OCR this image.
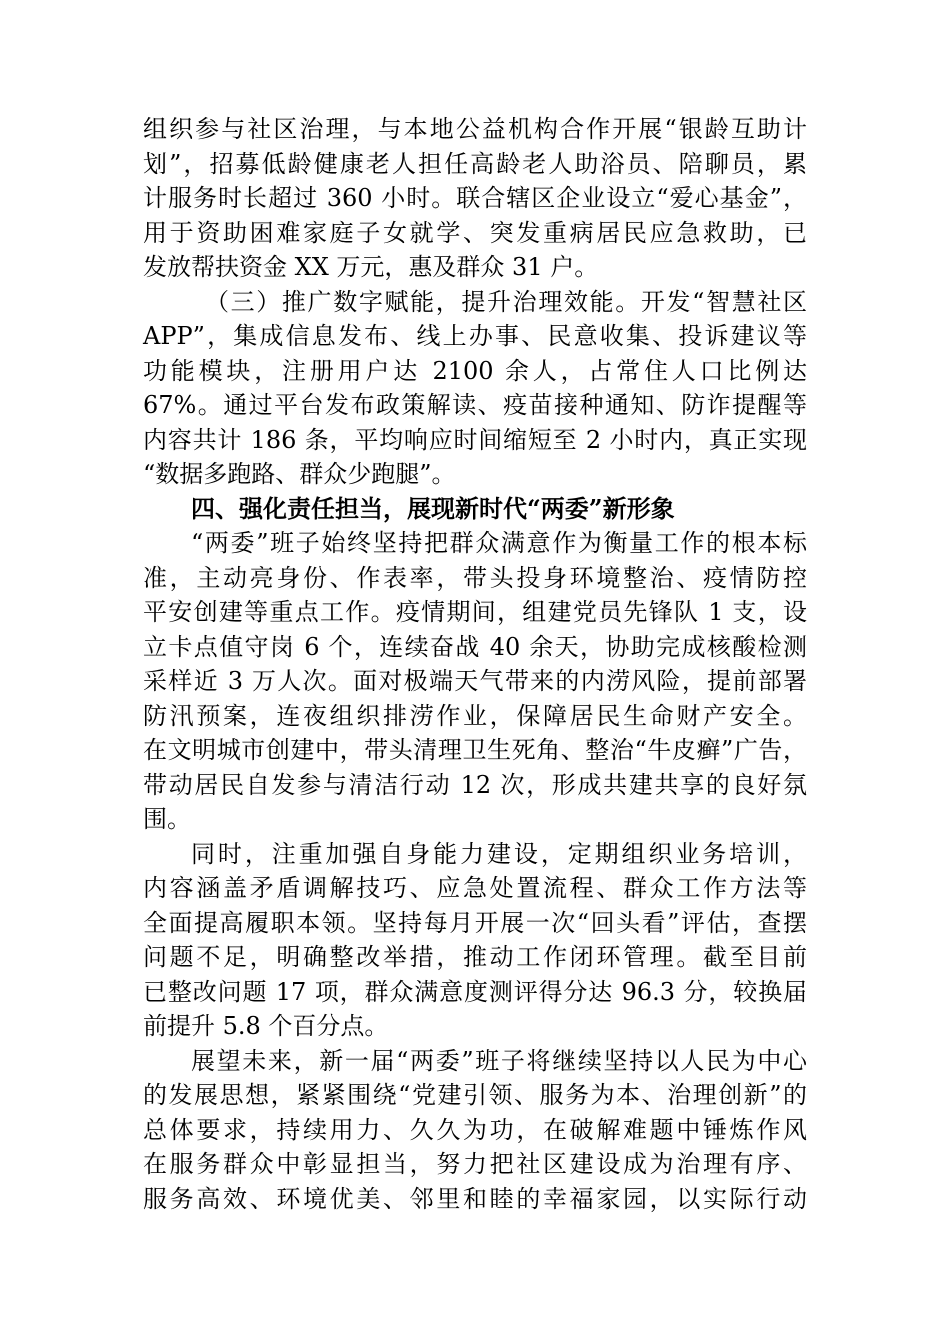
组织参与社区治理，与本地公益机构合作开展“银龄互助计
划”，招募低龄健康老人担任高龄老人助浴员、陪聊员，累
计服务时长超过 360 小时。联合辖区企业设立“爱心基金”，
用于资助困难家庭子女就学、突发重病居民应急救助，已
发放帮扶资金 XX 万元，惠及群众 31 户。
（三）推广数字赋能，提升治理效能。开发“智慧社区
APP”，集成信息发布、线上办事、民意收集、投诉建议等
功能模块，注册用户达 2100 余人，占常住人口比例达
67%。通过平台发布政策解读、疫苗接种通知、防诈提醒等
内容共计 186 条，平均响应时间缩短至 2 小时内，真正实现
“数据多跑路、群众少跑腿”。
四、强化责任担当，展现新时代“两委”新形象
“两委”班子始终坚持把群众满意作为衡量工作的根本标
准，主动亮身份、作表率，带头投身环境整治、疫情防控
平安创建等重点工作。疫情期间，组建党员先锋队 1 支，设
立卡点值守岗 6 个，连续奋战 40 余天，协助完成核酸检测
采样近 3 万人次。面对极端天气带来的内涝风险，提前部署
防汛预案，连夜组织排涝作业，保障居民生命财产安全。
在文明城市创建中，带头清理卫生死角、整治“牛皮癣”广告，
带动居民自发参与清洁行动 12 次，形成共建共享的良好氛
围。
同时，注重加强自身能力建设，定期组织业务培训，
内容涵盖矛盾调解技巧、应急处置流程、群众工作方法等
全面提高履职本领。坚持每月开展一次“回头看”评估，查摆
问题不足，明确整改举措，推动工作闭环管理。截至目前
已整改问题 17 项，群众满意度测评得分达 96.3 分，较换届
前提升 5.8 个百分点。
展望未来，新一届“两委”班子将继续坚持以人民为中心
的发展思想，紧紧围绕“党建引领、服务为本、治理创新”的
总体要求，持续用力、久久为功，在破解难题中锤炼作风
在服务群众中彰显担当，努力把社区建设成为治理有序、
服务高效、环境优美、邻里和睦的幸福家园，以实际行动
